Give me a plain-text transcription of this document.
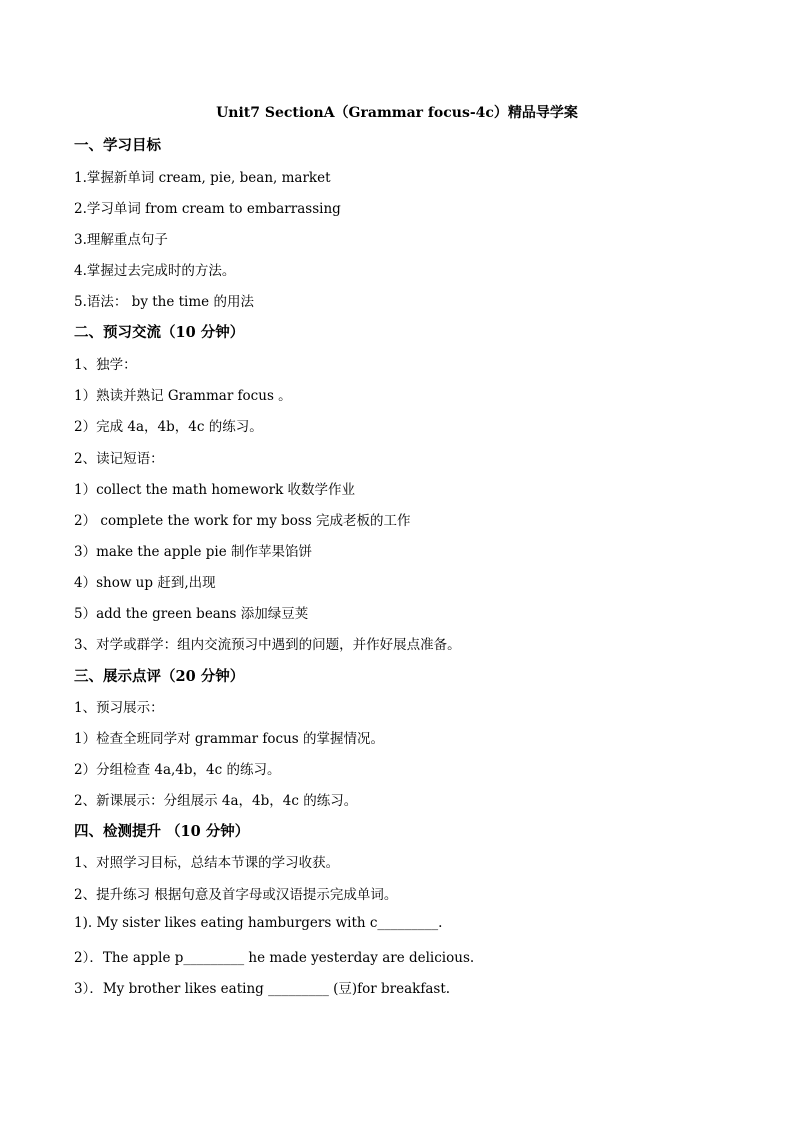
Unit7 SectionA（Grammar focus-4c）精品导学案
一、学习目标
1.掌握新单词 cream, pie, bean, market
2.学习单词 from cream to embarrassing
3.理解重点句子
4.掌握过去完成时的方法。
5.语法： by the time 的用法
二、预习交流（10 分钟）
1、独学：
1）熟读并熟记 Grammar focus 。
2）完成 4a，4b，4c 的练习。
2、读记短语：
1）collect the math homework 收数学作业
2） complete the work for my boss 完成老板的工作
3）make the apple pie 制作苹果馅饼
4）show up 赶到,出现
5）add the green beans 添加绿豆荚
3、对学或群学：组内交流预习中遇到的问题，并作好展点准备。
三、展示点评（20 分钟）
1、预习展示：
1）检查全班同学对 grammar focus 的掌握情况。
2）分组检查 4a,4b，4c 的练习。
2、新课展示：分组展示 4a，4b，4c 的练习。
四、检测提升 （10 分钟）
1、对照学习目标，总结本节课的学习收获。
2、提升练习 根据句意及首字母或汉语提示完成单词。
1). My sister likes eating hamburgers with c_________.
2）．The apple p_________ he made yesterday are delicious.
3）．My brother likes eating _________ (豆)for breakfast.
